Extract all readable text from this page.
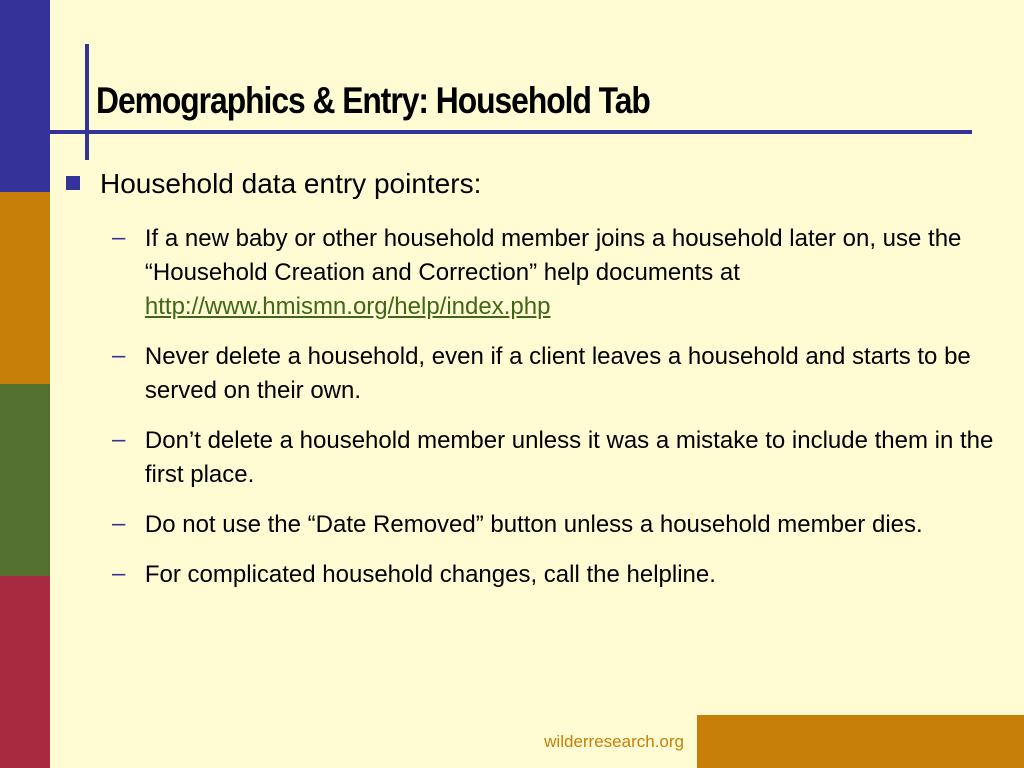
Demographics & Entry: Household Tab
Household data entry pointers:
– If a new baby or other household member joins a household later on, use the “Household Creation and Correction” help documents at http://www.hmismn.org/help/index.php
– Never delete a household, even if a client leaves a household and starts to be served on their own.
– Don’t delete a household member unless it was a mistake to include them in the first place.
– Do not use the “Date Removed” button unless a household member dies.
– For complicated household changes, call the helpline.
wilderresearch.org
